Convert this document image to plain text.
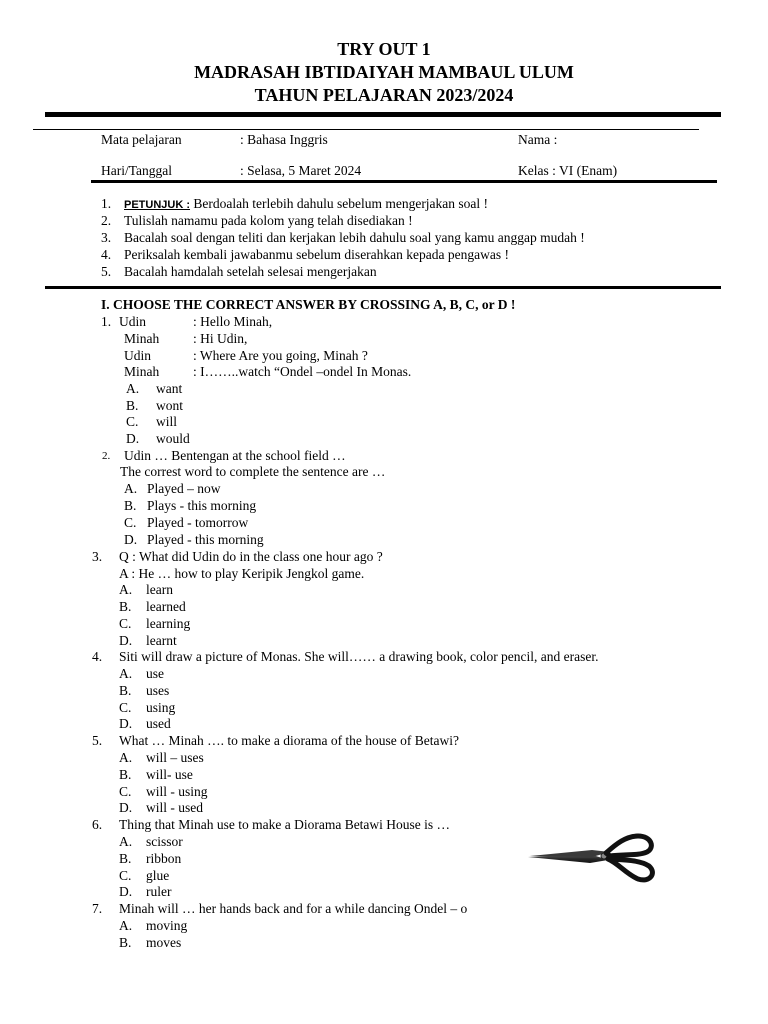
TRY OUT 1
MADRASAH IBTIDAIYAH MAMBAUL ULUM
TAHUN PELAJARAN 2023/2024
Mata pelajaran	: Bahasa Inggris	Nama :
Hari/Tanggal	: Selasa, 5 Maret 2024	Kelas : VI (Enam)
1. PETUNJUK : Berdoalah terlebih dahulu sebelum mengerjakan soal !
2. Tulislah namamu pada kolom yang telah disediakan !
3. Bacalah soal dengan teliti dan kerjakan lebih dahulu soal yang kamu anggap mudah !
4. Periksalah kembali jawabanmu sebelum diserahkan kepada pengawas !
5. Bacalah hamdalah setelah selesai mengerjakan
I. CHOOSE THE CORRECT ANSWER BY CROSSING A, B, C, or D !
1. Udin	: Hello Minah,
Minah	: Hi Udin,
Udin	: Where Are you going, Minah ?
Minah	: I……..watch “Ondel –ondel In Monas.
A. want
B. wont
C. will
D. would
2. Udin … Bentengan at the school field …
The correst word to complete the sentence are …
A. Played – now
B. Plays - this morning
C. Played - tomorrow
D. Played - this morning
3. Q : What did Udin do in the class one hour ago ?
A : He … how to play Keripik Jengkol game.
A. learn
B. learned
C. learning
D. learnt
4. Siti will draw a picture of Monas. She will…… a drawing book, color pencil, and eraser.
A. use
B. uses
C. using
D. used
5. What … Minah …. to make a diorama of the house of Betawi?
A. will – uses
B. will- use
C. will - using
D. will - used
6. Thing that Minah use to make a Diorama Betawi House is …
A. scissor
B. ribbon
C. glue
D. ruler
7. Minah will … her hands back and for a while dancing Ondel – o
A. moving
B. moves
